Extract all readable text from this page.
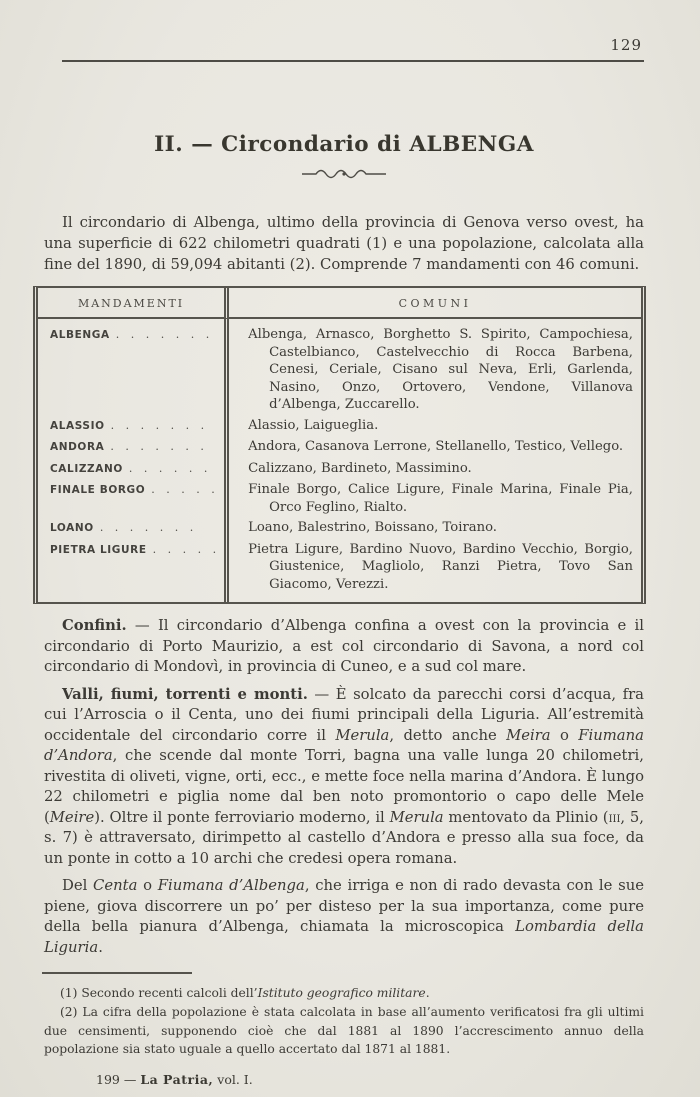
129
II. — Circondario di ALBENGA

Il circondario di Albenga, ultimo della provincia di Genova verso ovest, ha una superficie di 622 chilometri quadrati (1) e una popolazione, calcolata alla fine del 1890, di 59,094 abitanti (2). Comprende 7 mandamenti con 46 comuni.

MANDAMENTI	COMUNI
ALBENGA . . . . . . .	Albenga, Arnasco, Borghetto S. Spirito, Campochiesa, Castelbianco, Castelvecchio di Rocca Barbena, Cenesi, Ceriale, Cisano sul Neva, Erli, Garlenda, Nasino, Onzo, Ortovero, Vendone, Villanova d’Albenga, Zuccarello.
ALASSIO . . . . . . .	Alassio, Laigueglia.
ANDORA . . . . . . .	Andora, Casanova Lerrone, Stellanello, Testico, Vellego.
CALIZZANO . . . . . .	Calizzano, Bardineto, Massimino.
FINALE BORGO . . . . .	Finale Borgo, Calice Ligure, Finale Marina, Finale Pia, Orco Feglino, Rialto.
LOANO . . . . . . .	Loano, Balestrino, Boissano, Toirano.
PIETRA LIGURE . . . . .	Pietra Ligure, Bardino Nuovo, Bardino Vecchio, Borgio, Giustenice, Magliolo, Ranzi Pietra, Tovo San Giacomo, Verezzi.

Confini. — Il circondario d’Albenga confina a ovest con la provincia e il circondario di Porto Maurizio, a est col circondario di Savona, a nord col circondario di Mondovì, in provincia di Cuneo, e a sud col mare.

Valli, fiumi, torrenti e monti. — È solcato da parecchi corsi d’acqua, fra cui l’Arroscia o il Centa, uno dei fiumi principali della Liguria. All’estremità occidentale del circondario corre il Merula, detto anche Meira o Fiumana d’Andora, che scende dal monte Torri, bagna una valle lunga 20 chilometri, rivestita di oliveti, vigne, orti, ecc., e mette foce nella marina d’Andora. È lungo 22 chilometri e piglia nome dal ben noto promontorio o capo delle Mele (Meire). Oltre il ponte ferroviario moderno, il Merula mentovato da Plinio (iii, 5, s. 7) è attraversato, dirimpetto al castello d’Andora e presso alla sua foce, da un ponte in cotto a 10 archi che credesi opera romana.

Del Centa o Fiumana d’Albenga, che irriga e non di rado devasta con le sue piene, giova discorrere un po’ per disteso per la sua importanza, come pure della bella pianura d’Albenga, chiamata la microscopica Lombardia della Liguria.

(1) Secondo recenti calcoli dell’Istituto geografico militare.

(2) La cifra della popolazione è stata calcolata in base all’aumento verificatosi fra gli ultimi due censimenti, supponendo cioè che dal 1881 al 1890 l’accrescimento annuo della popolazione sia stato uguale a quello accertato dal 1871 al 1881.

199 — La Patria, vol. I.
